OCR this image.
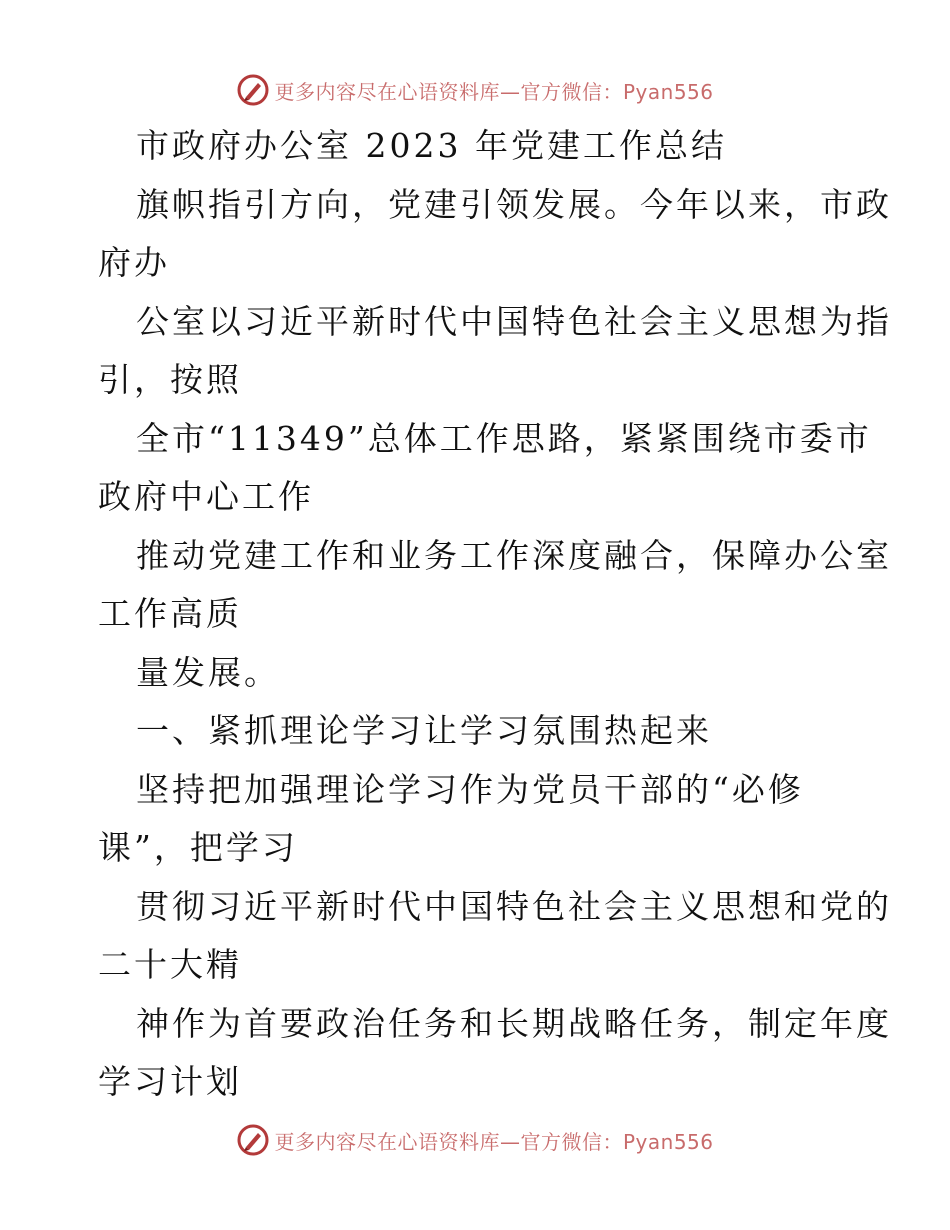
更多内容尽在心语资料库—官方微信：Pyan556
市政府办公室 2023 年党建工作总结
旗帜指引方向，党建引领发展。今年以来，市政
府办
公室以习近平新时代中国特色社会主义思想为指
引，按照
全市“11349”总体工作思路，紧紧围绕市委市
政府中心工作
推动党建工作和业务工作深度融合，保障办公室
工作高质
量发展。
一、紧抓理论学习让学习氛围热起来
坚持把加强理论学习作为党员干部的“必修
课”，把学习
贯彻习近平新时代中国特色社会主义思想和党的
二十大精
神作为首要政治任务和长期战略任务，制定年度
学习计划
更多内容尽在心语资料库—官方微信：Pyan556
